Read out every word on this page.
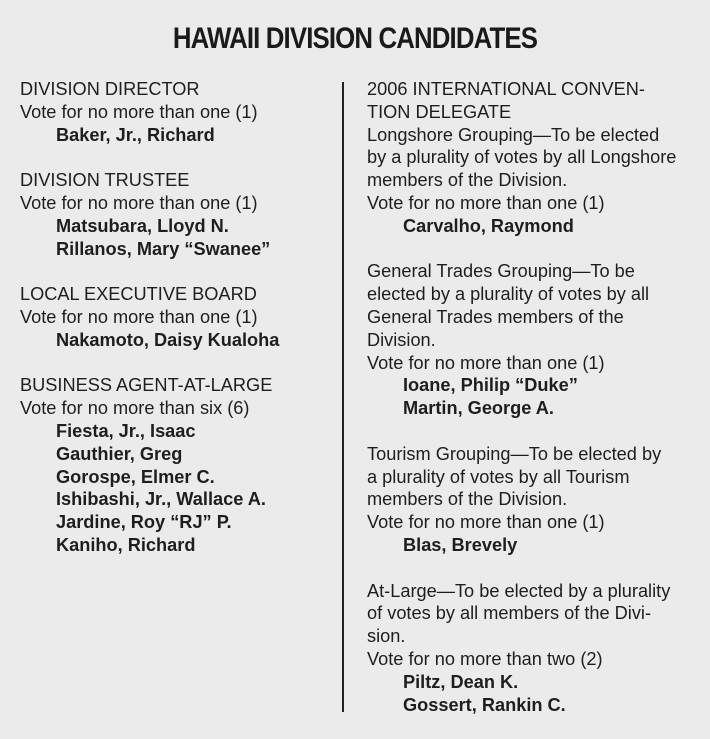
HAWAII DIVISION CANDIDATES
DIVISION DIRECTOR
Vote for no more than one (1)
Baker, Jr., Richard
DIVISION TRUSTEE
Vote for no more than one (1)
Matsubara, Lloyd N.
Rillanos, Mary “Swanee”
LOCAL EXECUTIVE BOARD
Vote for no more than one (1)
Nakamoto, Daisy Kualoha
BUSINESS AGENT-AT-LARGE
Vote for no more than six (6)
Fiesta, Jr., Isaac
Gauthier, Greg
Gorospe, Elmer C.
Ishibashi, Jr., Wallace A.
Jardine, Roy “RJ” P.
Kaniho, Richard
2006 INTERNATIONAL CONVEN-
TION DELEGATE
Longshore Grouping—To be elected
by a plurality of votes by all Longshore
members of the Division.
Vote for no more than one (1)
Carvalho, Raymond
General Trades Grouping—To be
elected by a plurality of votes by all
General Trades members of the
Division.
Vote for no more than one (1)
Ioane, Philip “Duke”
Martin, George A.
Tourism Grouping—To be elected by
a plurality of votes by all Tourism
members of the Division.
Vote for no more than one (1)
Blas, Brevely
At-Large—To be elected by a plurality
of votes by all members of the Divi-
sion.
Vote for no more than two (2)
Piltz, Dean K.
Gossert, Rankin C.
